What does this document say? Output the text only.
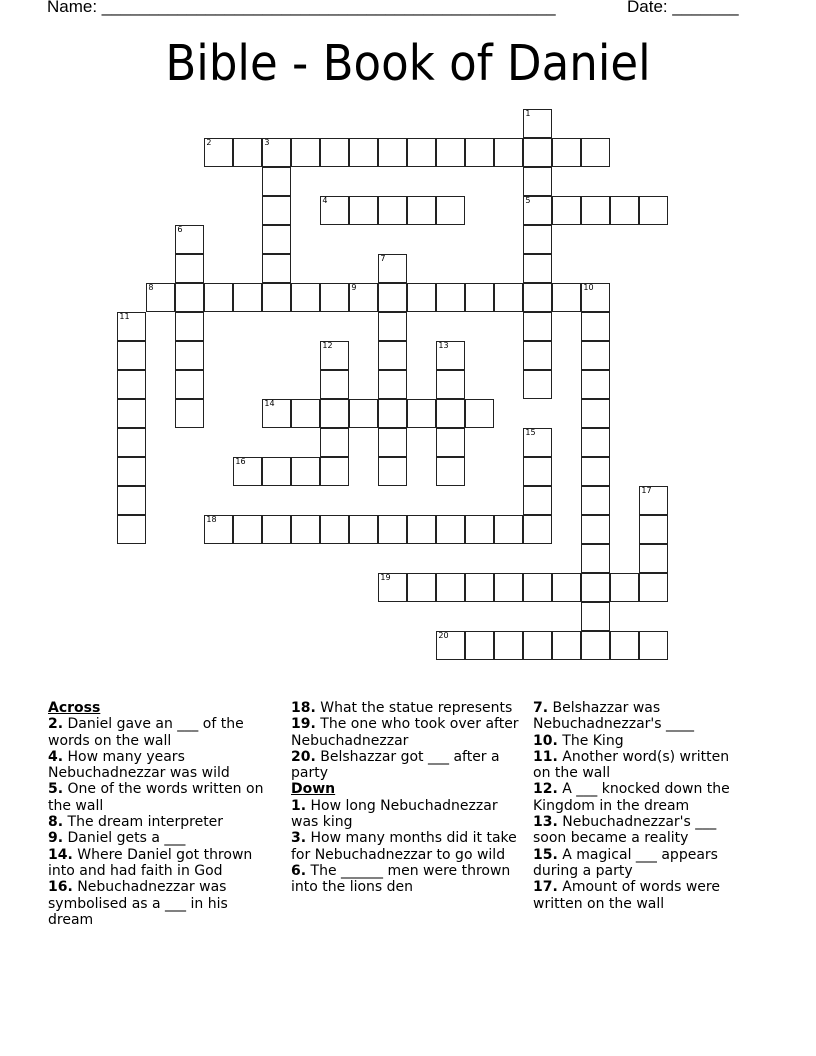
Name: ________________________________________________	Date: _______
Bible - Book of Daniel
1
5
2	3
4
6
7
8	9	10
11
12	13
14
15
16
17
18
19
20
Across
2. Daniel gave an ___ of the words on the wall
4. How many years Nebuchadnezzar was wild
5. One of the words written on the wall
8. The dream interpreter
9. Daniel gets a ___
14. Where Daniel got thrown into and had faith in God
16. Nebuchadnezzar was symbolised as a ___ in his dream
18. What the statue represents
19. The one who took over after Nebuchadnezzar
20. Belshazzar got ___ after a party
Down
1. How long Nebuchadnezzar was king
3. How many months did it take for Nebuchadnezzar to go wild
6. The ______ men were thrown into the lions den
7. Belshazzar was Nebuchadnezzar's ____
10. The King
11. Another word(s) written on the wall
12. A ___ knocked down the Kingdom in the dream
13. Nebuchadnezzar's ___ soon became a reality
15. A magical ___ appears during a party
17. Amount of words were written on the wall
